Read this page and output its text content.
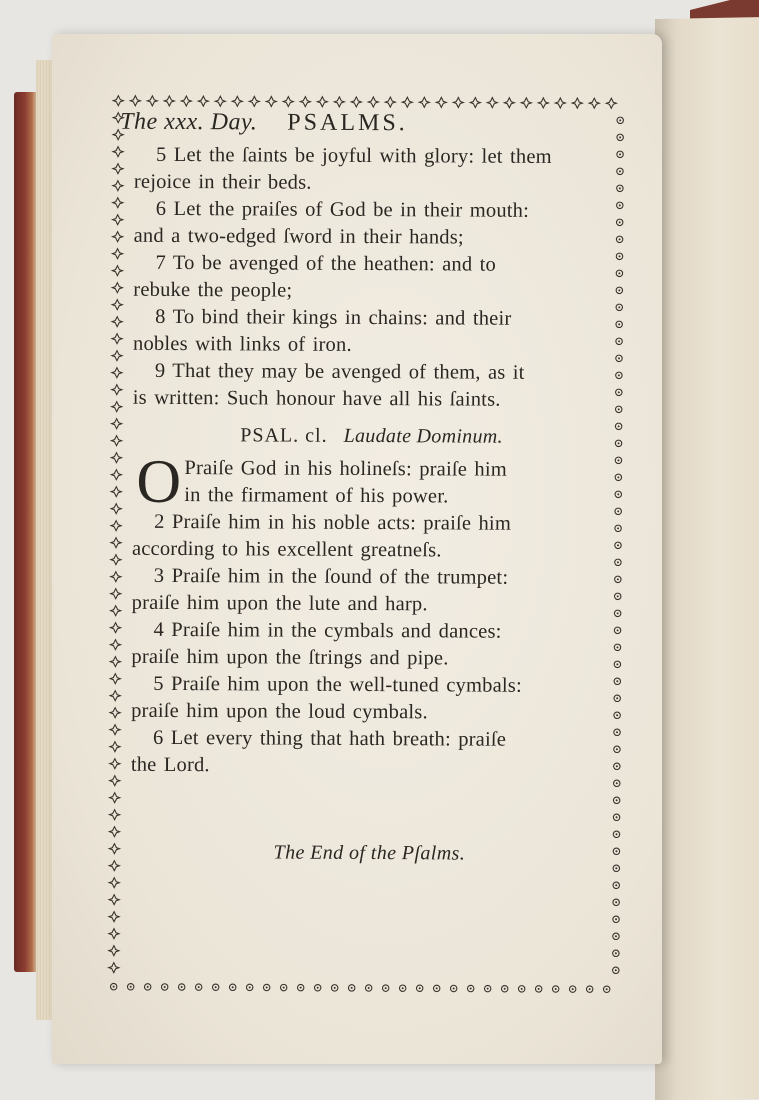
The xxx. Day. PSALMS.
5 Let the ſaints be joyful with glory: let them
rejoice in their beds.
6 Let the praiſes of God be in their mouth:
and a two-edged ſword in their hands;
7 To be avenged of the heathen: and to
rebuke the people;
8 To bind their kings in chains: and their
nobles with links of iron.
9 That they may be avenged of them, as it
is written: Such honour have all his ſaints.
PSAL. cl. Laudate Dominum.
O Praiſe God in his holineſs: praiſe him
in the firmament of his power.
2 Praiſe him in his noble acts: praiſe him
according to his excellent greatneſs.
3 Praiſe him in the ſound of the trumpet:
praiſe him upon the lute and harp.
4 Praiſe him in the cymbals and dances:
praiſe him upon the ſtrings and pipe.
5 Praiſe him upon the well-tuned cymbals:
praiſe him upon the loud cymbals.
6 Let every thing that hath breath: praiſe
the Lord.
The End of the Pſalms.
